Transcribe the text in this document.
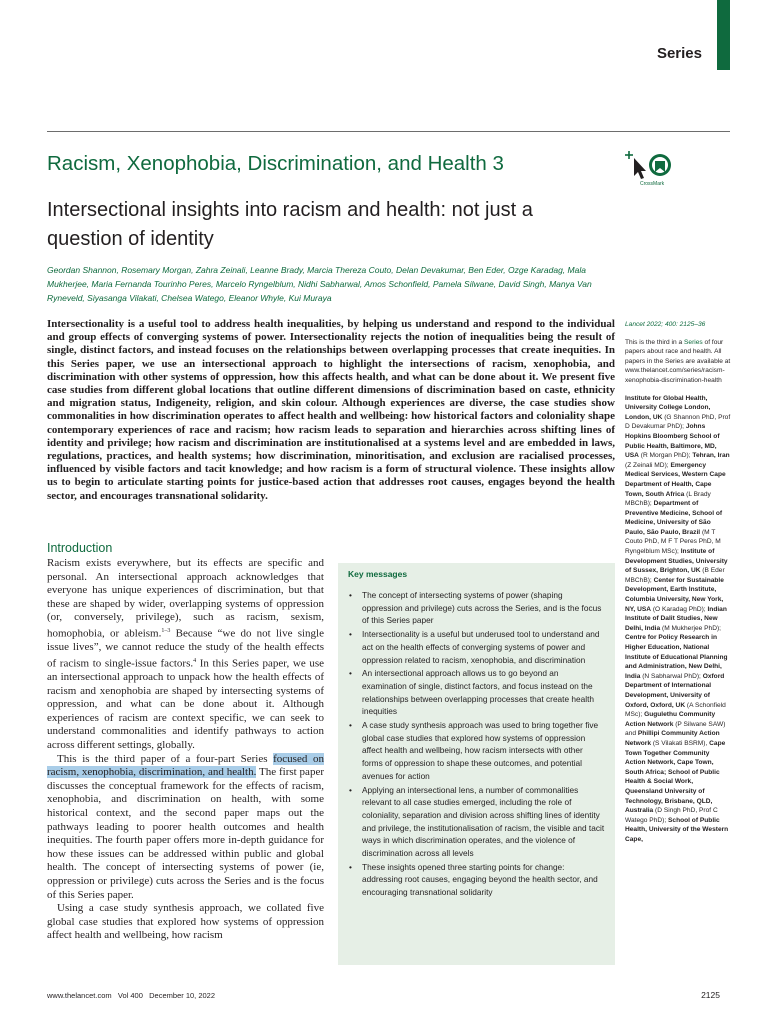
Series
Racism, Xenophobia, Discrimination, and Health 3
CrossMark
Intersectional insights into racism and health: not just a question of identity
Geordan Shannon, Rosemary Morgan, Zahra Zeinali, Leanne Brady, Marcia Thereza Couto, Delan Devakumar, Ben Eder, Ozge Karadag, Mala Mukherjee, Maria Fernanda Tourinho Peres, Marcelo Ryngelblum, Nidhi Sabharwal, Amos Schonfield, Pamela Silwane, David Singh, Manya Van Ryneveld, Siyasanga Vilakati, Chelsea Watego, Eleanor Whyle, Kui Muraya
Intersectionality is a useful tool to address health inequalities, by helping us understand and respond to the individual and group effects of converging systems of power. Intersectionality rejects the notion of inequalities being the result of single, distinct factors, and instead focuses on the relationships between overlapping processes that create inequities. In this Series paper, we use an intersectional approach to highlight the intersections of racism, xenophobia, and discrimination with other systems of oppression, how this affects health, and what can be done about it. We present five case studies from different global locations that outline different dimensions of discrimination based on caste, ethnicity and migration status, Indigeneity, religion, and skin colour. Although experiences are diverse, the case studies show commonalities in how discrimination operates to affect health and wellbeing: how historical factors and coloniality shape contemporary experiences of race and racism; how racism leads to separation and hierarchies across shifting lines of identity and privilege; how racism and discrimination are institutionalised at a systems level and are embedded in laws, regulations, practices, and health systems; how discrimination, minoritisation, and exclusion are racialised processes, influenced by visible factors and tacit knowledge; and how racism is a form of structural violence. These insights allow us to begin to articulate starting points for justice-based action that addresses root causes, engages beyond the health sector, and encourages transnational solidarity.
Introduction

Racism exists everywhere, but its effects are specific and personal. An intersectional approach acknowledges that everyone has unique experiences of discrimination, but that these are shaped by wider, overlapping systems of oppression (or, conversely, privilege), such as racism, sexism, homophobia, or ableism.$^{1-3}$ Because “we do not live single issue lives”, we cannot reduce the study of the health effects of racism to single-issue factors.$^4$ In this Series paper, we use an intersectional approach to unpack how the health effects of racism and xenophobia are shaped by intersecting systems of oppression, and what can be done about it. Although experiences of racism are context specific, we can seek to understand commonalities and identify pathways to action across different settings, globally.

This is the third paper of a four-part Series focused on racism, xenophobia, discrimination, and health. The first paper discusses the conceptual framework for the effects of racism, xenophobia, and discrimination on health, with some historical context, and the second paper maps out the pathways leading to poorer health outcomes and health inequities. The fourth paper offers more in-depth guidance for how these issues can be addressed within public and global health. The concept of intersecting systems of power (ie, oppression or privilege) cuts across the Series and is the focus of this Series paper.

Using a case study synthesis approach, we collated five global case studies that explored how systems of oppression affect health and wellbeing, how racism

Key messages
• The concept of intersecting systems of power (shaping oppression and privilege) cuts across the Series, and is the focus of this Series paper
• Intersectionality is a useful but underused tool to understand and act on the health effects of converging systems of power and oppression related to racism, xenophobia, and discrimination
• An intersectional approach allows us to go beyond an examination of single, distinct factors, and focus instead on the relationships between overlapping processes that create health inequities
• A case study synthesis approach was used to bring together five global case studies that explored how systems of oppression affect health and wellbeing, how racism intersects with other forms of oppression to shape these outcomes, and potential avenues for action
• Applying an intersectional lens, a number of commonalities relevant to all case studies emerged, including the role of coloniality, separation and division across shifting lines of identity and privilege, the institutionalisation of racism, the visible and tacit ways in which discrimination operates, and the violence of discrimination across all levels
• These insights opened three starting points for change: addressing root causes, engaging beyond the health sector, and encouraging transnational solidarity
Lancet 2022; 400: 2125–36
This is the third in a Series of four papers about race and health. All papers in the Series are available at www.thelancet.com/series/racism-xenophobia-discrimination-health
Institute for Global Health, University College London, London, UK (G Shannon PhD, Prof D Devakumar PhD); Johns Hopkins Bloomberg School of Public Health, Baltimore, MD, USA (R Morgan PhD); Tehran, Iran (Z Zeinali MD); Emergency Medical Services, Western Cape Department of Health, Cape Town, South Africa (L Brady MBChB); Department of Preventive Medicine, School of Medicine, University of São Paulo, São Paulo, Brazil (M T Couto PhD, M F T Peres PhD, M Ryngelblum MSc); Institute of Development Studies, University of Sussex, Brighton, UK (B Eder MBChB); Center for Sustainable Development, Earth Institute, Columbia University, New York, NY, USA (O Karadag PhD); Indian Institute of Dalit Studies, New Delhi, India (M Mukherjee PhD); Centre for Policy Research in Higher Education, National Institute of Educational Planning and Administration, New Delhi, India (N Sabharwal PhD); Oxford Department of International Development, University of Oxford, Oxford, UK (A Schonfield MSc); Gugulethu Community Action Network (P Silwane SAW) and Phillipi Community Action Network (S Vilakati BSRM), Cape Town Together Community Action Network, Cape Town, South Africa; School of Public Health & Social Work, Queensland University of Technology, Brisbane, QLD, Australia (D Singh PhD, Prof C Watego PhD); School of Public Health, University of the Western Cape,
www.thelancet.com   Vol 400   December 10, 2022	2125
